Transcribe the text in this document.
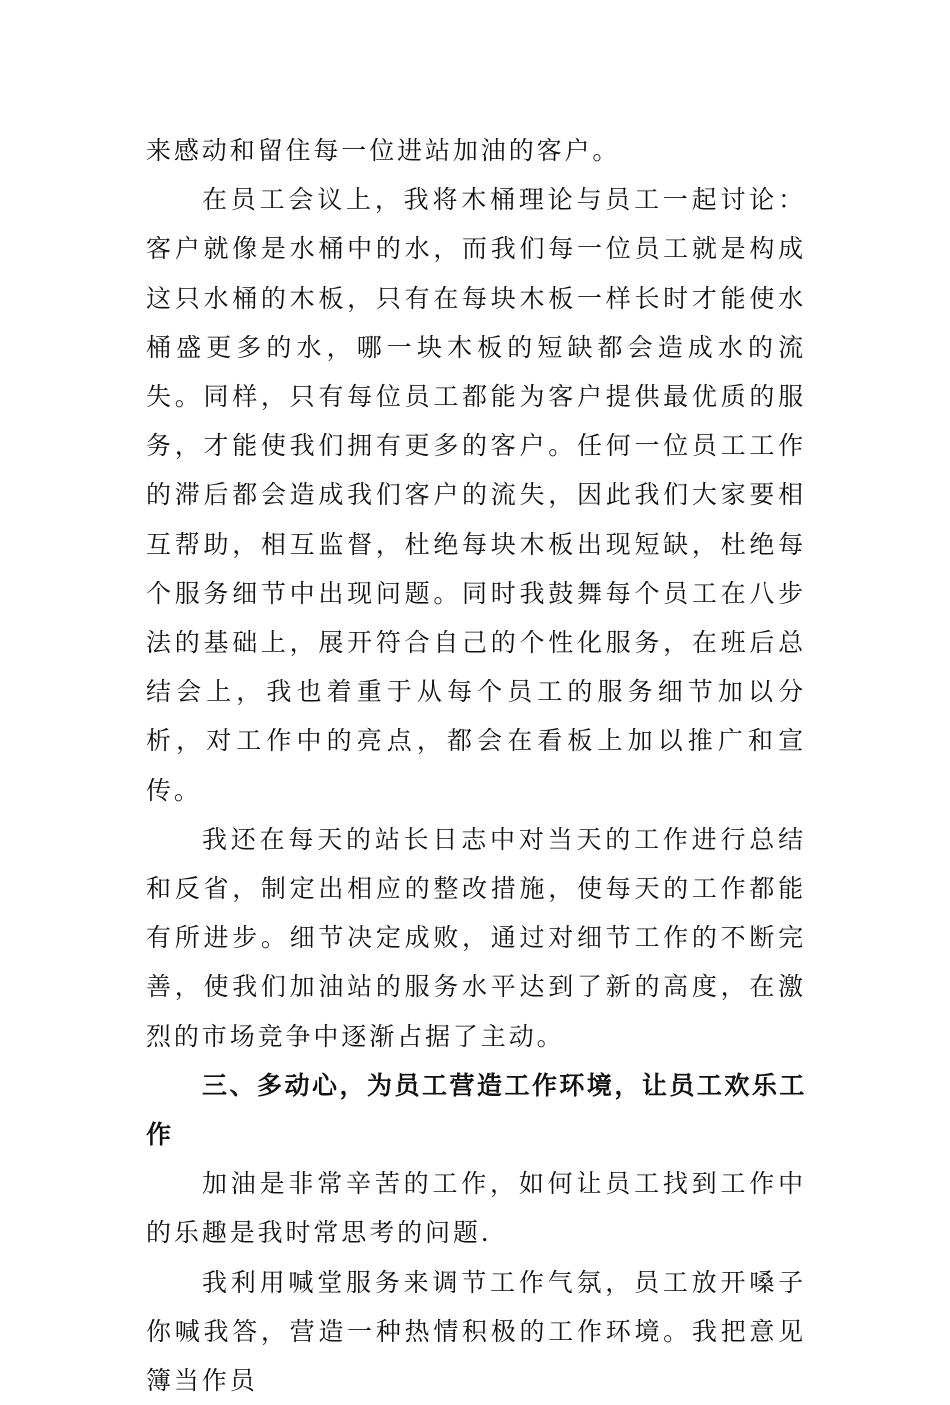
来感动和留住每一位进站加油的客户。

在员工会议上，我将木桶理论与员工一起讨论：客户就像是水桶中的水，而我们每一位员工就是构成这只水桶的木板，只有在每块木板一样长时才能使水桶盛更多的水，哪一块木板的短缺都会造成水的流失。同样，只有每位员工都能为客户提供最优质的服务，才能使我们拥有更多的客户。任何一位员工工作的滞后都会造成我们客户的流失，因此我们大家要相互帮助，相互监督，杜绝每块木板出现短缺，杜绝每个服务细节中出现问题。同时我鼓舞每个员工在八步法的基础上，展开符合自己的个性化服务，在班后总结会上，我也着重于从每个员工的服务细节加以分析，对工作中的亮点，都会在看板上加以推广和宣传。

我还在每天的站长日志中对当天的工作进行总结和反省，制定出相应的整改措施，使每天的工作都能有所进步。细节决定成败，通过对细节工作的不断完善，使我们加油站的服务水平达到了新的高度，在激烈的市场竞争中逐渐占据了主动。

三、多动心，为员工营造工作环境，让员工欢乐工作

加油是非常辛苦的工作，如何让员工找到工作中的乐趣是我时常思考的问题.

我利用喊堂服务来调节工作气氛，员工放开嗓子你喊我答，营造一种热情积极的工作环境。我把意见簿当作员
